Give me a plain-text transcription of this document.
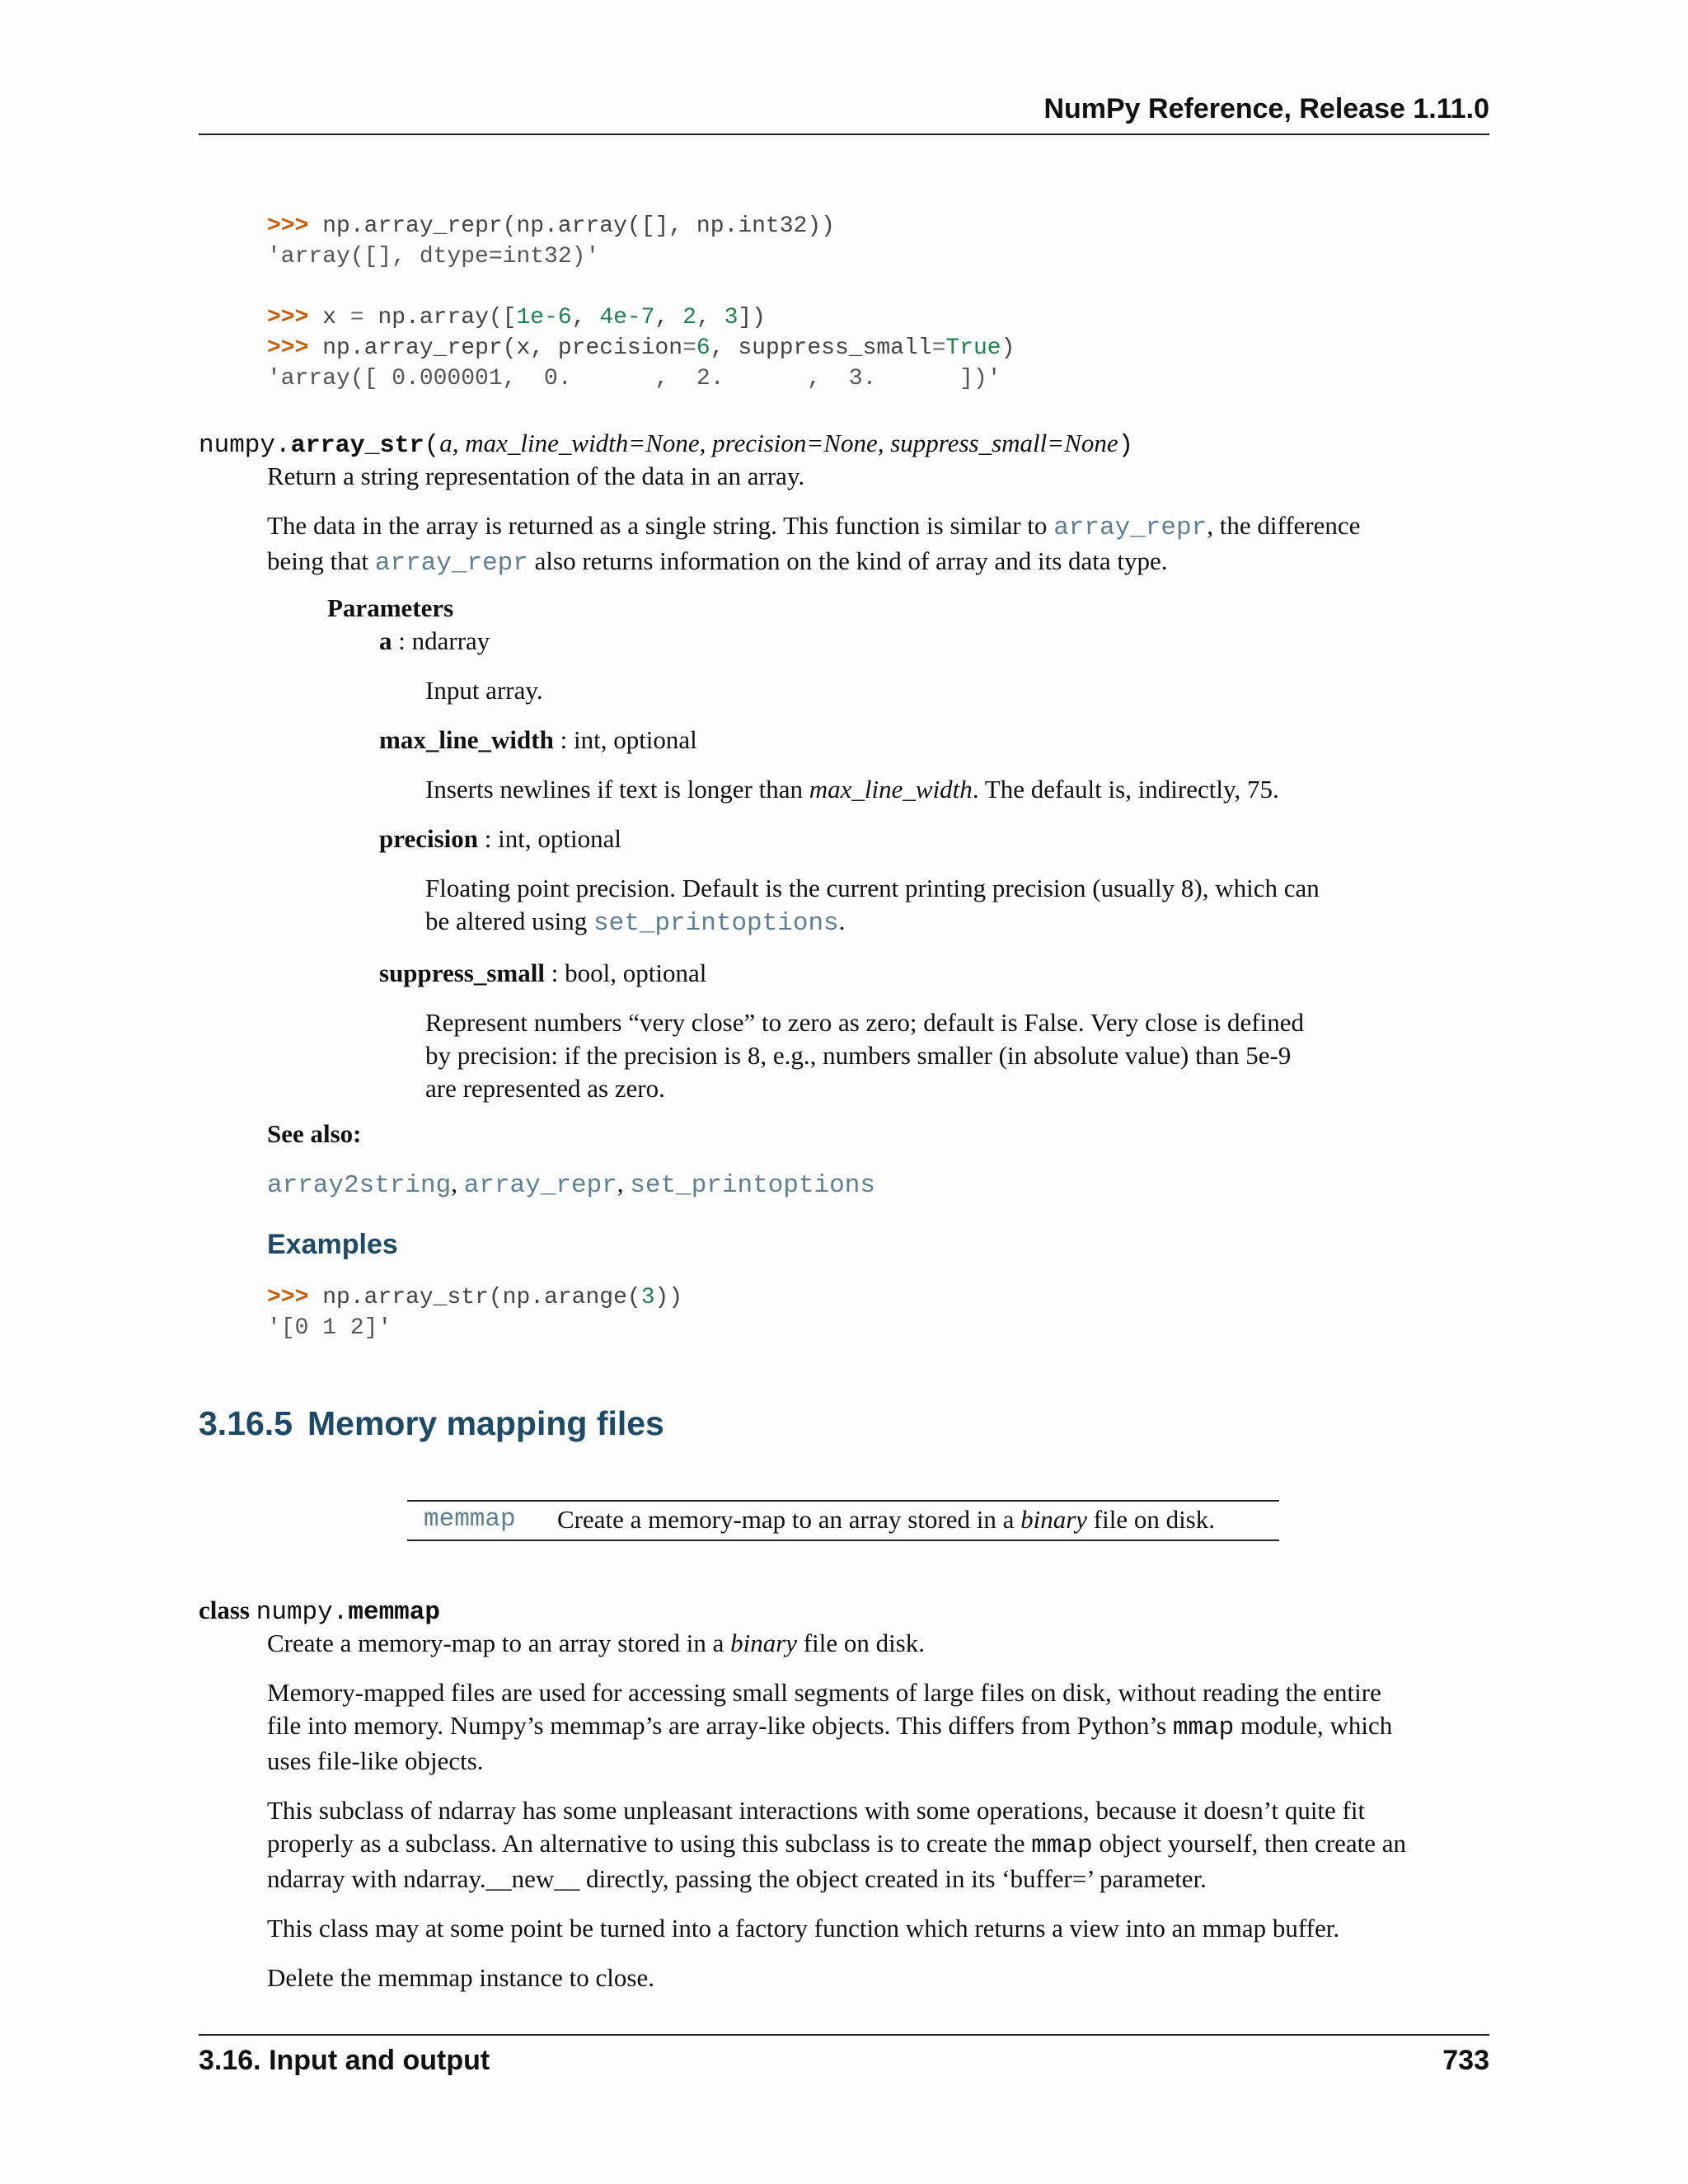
NumPy Reference, Release 1.11.0
>>> np.array_repr(np.array([], np.int32))
'array([], dtype=int32)'

>>> x = np.array([1e-6, 4e-7, 2, 3])
>>> np.array_repr(x, precision=6, suppress_small=True)
'array([ 0.000001,  0.      ,  2.      ,  3.      ])'
numpy.array_str(a, max_line_width=None, precision=None, suppress_small=None)

Return a string representation of the data in an array.

The data in the array is returned as a single string. This function is similar to array_repr, the difference
being that array_repr also returns information on the kind of array and its data type.

Parameters

a : ndarray

Input array.

max_line_width : int, optional

Inserts newlines if text is longer than max_line_width. The default is, indirectly, 75.

precision : int, optional

Floating point precision. Default is the current printing precision (usually 8), which can
be altered using set_printoptions.

suppress_small : bool, optional

Represent numbers “very close” to zero as zero; default is False. Very close is defined
by precision: if the precision is 8, e.g., numbers smaller (in absolute value) than 5e-9
are represented as zero.

See also:

array2string, array_repr, set_printoptions

Examples
>>> np.array_str(np.arange(3))
'[0 1 2]'
3.16.5 Memory mapping files
memmap Create a memory-map to an array stored in a binary file on disk.
class numpy.memmap

Create a memory-map to an array stored in a binary file on disk.

Memory-mapped files are used for accessing small segments of large files on disk, without reading the entire
file into memory. Numpy’s memmap’s are array-like objects. This differs from Python’s mmap module, which
uses file-like objects.

This subclass of ndarray has some unpleasant interactions with some operations, because it doesn’t quite fit
properly as a subclass. An alternative to using this subclass is to create the mmap object yourself, then create an
ndarray with ndarray.__new__ directly, passing the object created in its ‘buffer=’ parameter.

This class may at some point be turned into a factory function which returns a view into an mmap buffer.

Delete the memmap instance to close.

3.16. Input and output	733
